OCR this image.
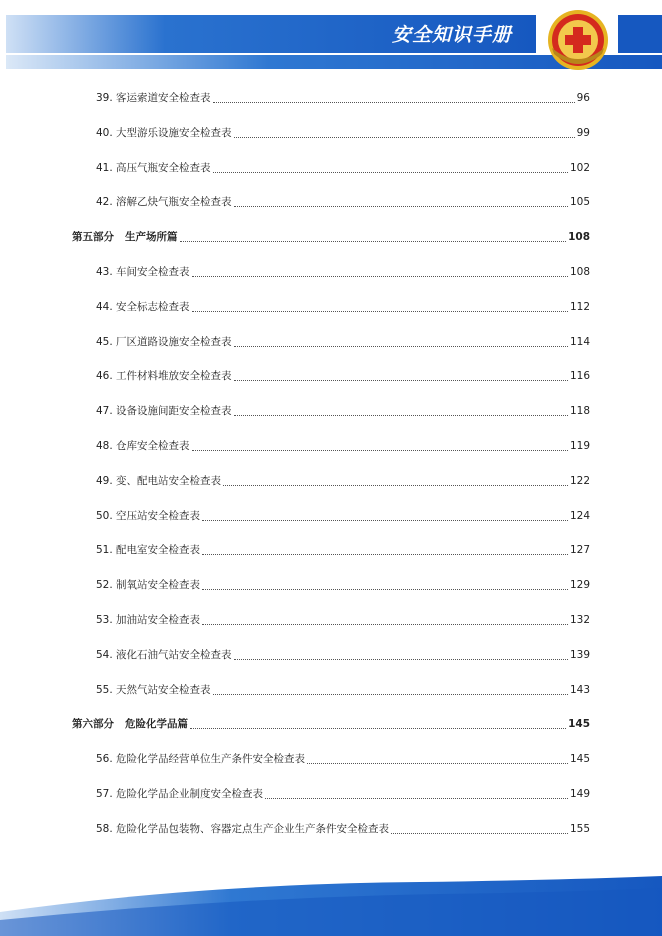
安全知识手册
39. 客运索道安全检查表	96
40. 大型游乐设施安全检查表	99
41. 高压气瓶安全检查表	102
42. 溶解乙炔气瓶安全检查表	105
第五部分 生产场所篇	108
43. 车间安全检查表	108
44. 安全标志检查表	112
45. 厂区道路设施安全检查表	114
46. 工件材料堆放安全检查表	116
47. 设备设施间距安全检查表	118
48. 仓库安全检查表	119
49. 变、配电站安全检查表	122
50. 空压站安全检查表	124
51. 配电室安全检查表	127
52. 制氧站安全检查表	129
53. 加油站安全检查表	132
54. 液化石油气站安全检查表	139
55. 天然气站安全检查表	143
第六部分 危险化学品篇	145
56. 危险化学品经营单位生产条件安全检查表	145
57. 危险化学品企业制度安全检查表	149
58. 危险化学品包装物、容器定点生产企业生产条件安全检查表	155
